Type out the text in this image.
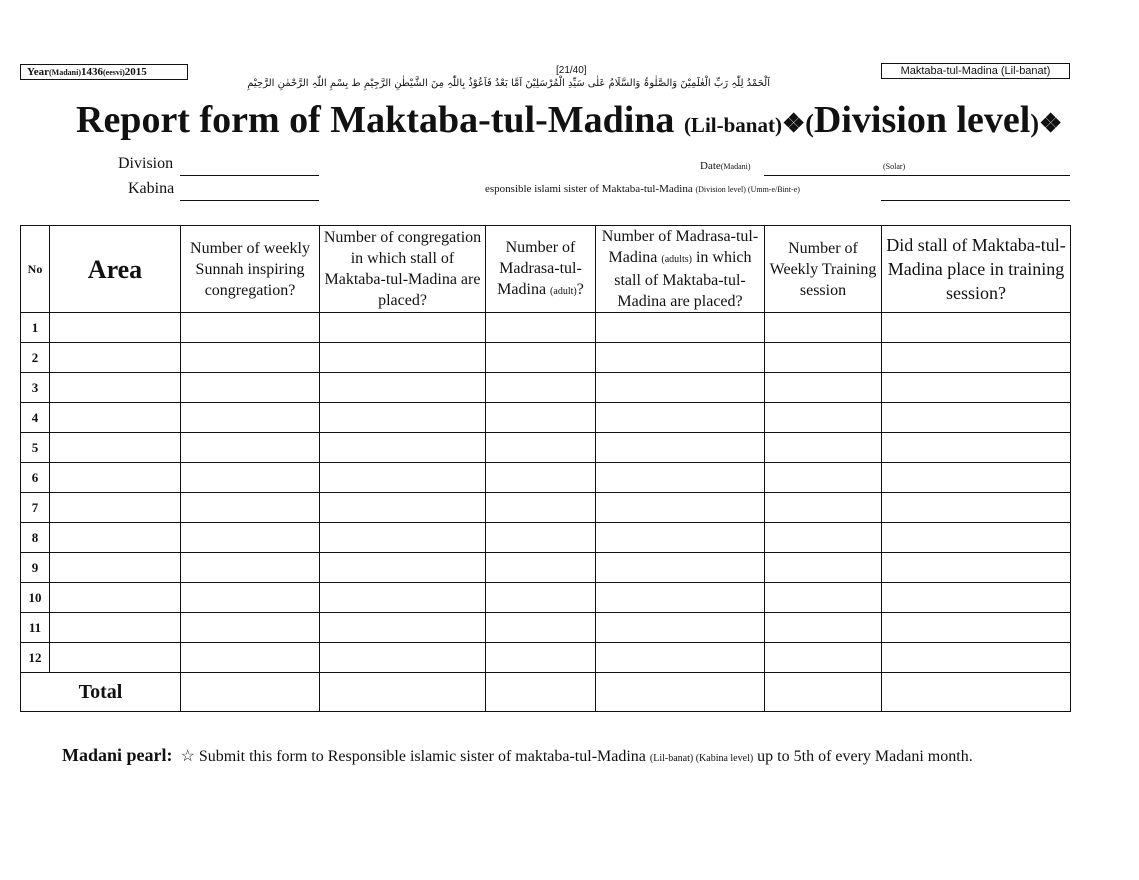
Year(Madani)1436(eesvi)2015	[21/40]
اَلْحَمْدُ لِلّٰہِ رَبِّ الْعٰلَمِیْنَ وَالصَّلٰوۃُ وَالسَّلَامُ عَلٰی سَیِّدِ الْمُرْسَلِیْنَ اَمَّا بَعْدُ فَاَعُوْذُ بِاللّٰہِ مِنَ الشَّیْطٰنِ الرَّجِیْمِ ط بِسْمِ اللّٰہِ الرَّحْمٰنِ الرَّحِیْمِ
Maktaba-tul-Madina (Lil-banat)
Report form of Maktaba-tul-Madina (Lil-banat)❖(Division level)❖
Division
Kabina
Date(Madani)	(Solar)
esponsible islami sister of Maktaba-tul-Madina (Division level) (Umm-e/Bint-e)
No	Area	Number of weekly Sunnah inspiring congregation?	Number of congregation in which stall of Maktaba-tul-Madina are placed?	Number of Madrasa-tul-Madina (adult)?	Number of Madrasa-tul-Madina (adults) in which stall of Maktaba-tul-Madina are placed?	Number of Weekly Training session	Did stall of Maktaba-tul-Madina place in training session?
1							
2							
3							
4							
5							
6							
7							
8							
9							
10							
11							
12							
Total							
Madani pearl: ☆ Submit this form to Responsible islamic sister of maktaba-tul-Madina (Lil-banat) (Kabina level) up to 5th of every Madani month.
